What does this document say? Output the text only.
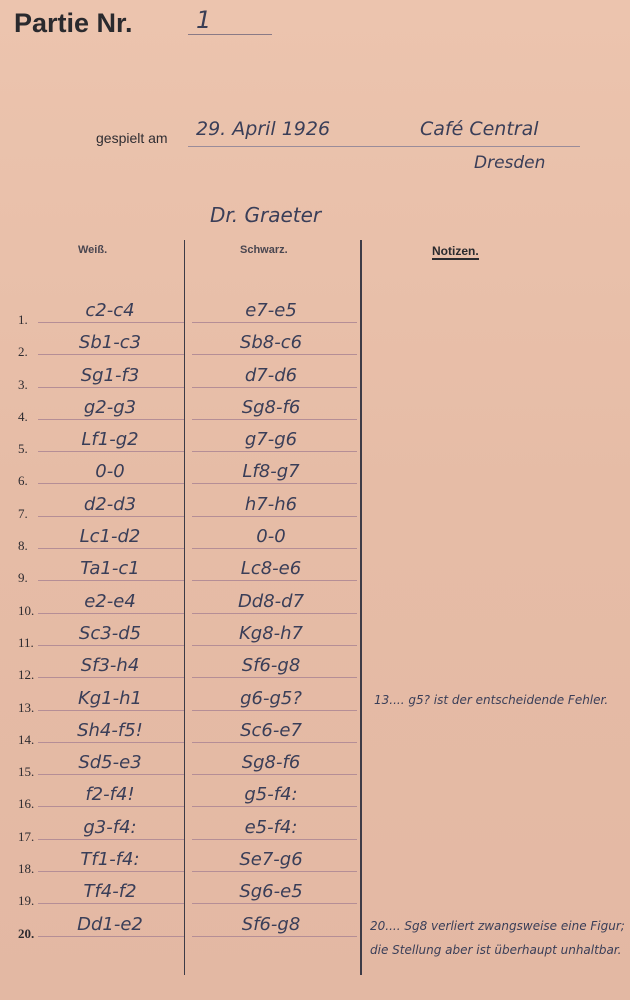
Partie Nr.	1
gespielt am 29. April 1926	Café Central
Dresden
Dr. Graeter
Weiß.	Schwarz.	Notizen.
1.	c2-c4	e7-e5
2.	Sb1-c3	Sb8-c6
3.	Sg1-f3	d7-d6
4.	g2-g3	Sg8-f6
5.	Lf1-g2	g7-g6
6.	0-0	Lf8-g7
7.	d2-d3	h7-h6
8.	Lc1-d2	0-0
9.	Ta1-c1	Lc8-e6
10.	e2-e4	Dd8-d7
11.	Sc3-d5	Kg8-h7
12.	Sf3-h4	Sf6-g8
13.	Kg1-h1	g6-g5?
14.	Sh4-f5!	Sc6-e7
15.	Sd5-e3	Sg8-f6
16.	f2-f4!	g5-f4:
17.	g3-f4:	e5-f4:
18.	Tf1-f4:	Se7-g6
19.	Tf4-f2	Sg6-e5
20.	Dd1-e2	Sf6-g8
13.... g5? ist der entscheidende Fehler.
20.... Sg8 verliert zwangsweise eine Figur; die Stellung aber ist überhaupt unhaltbar.
